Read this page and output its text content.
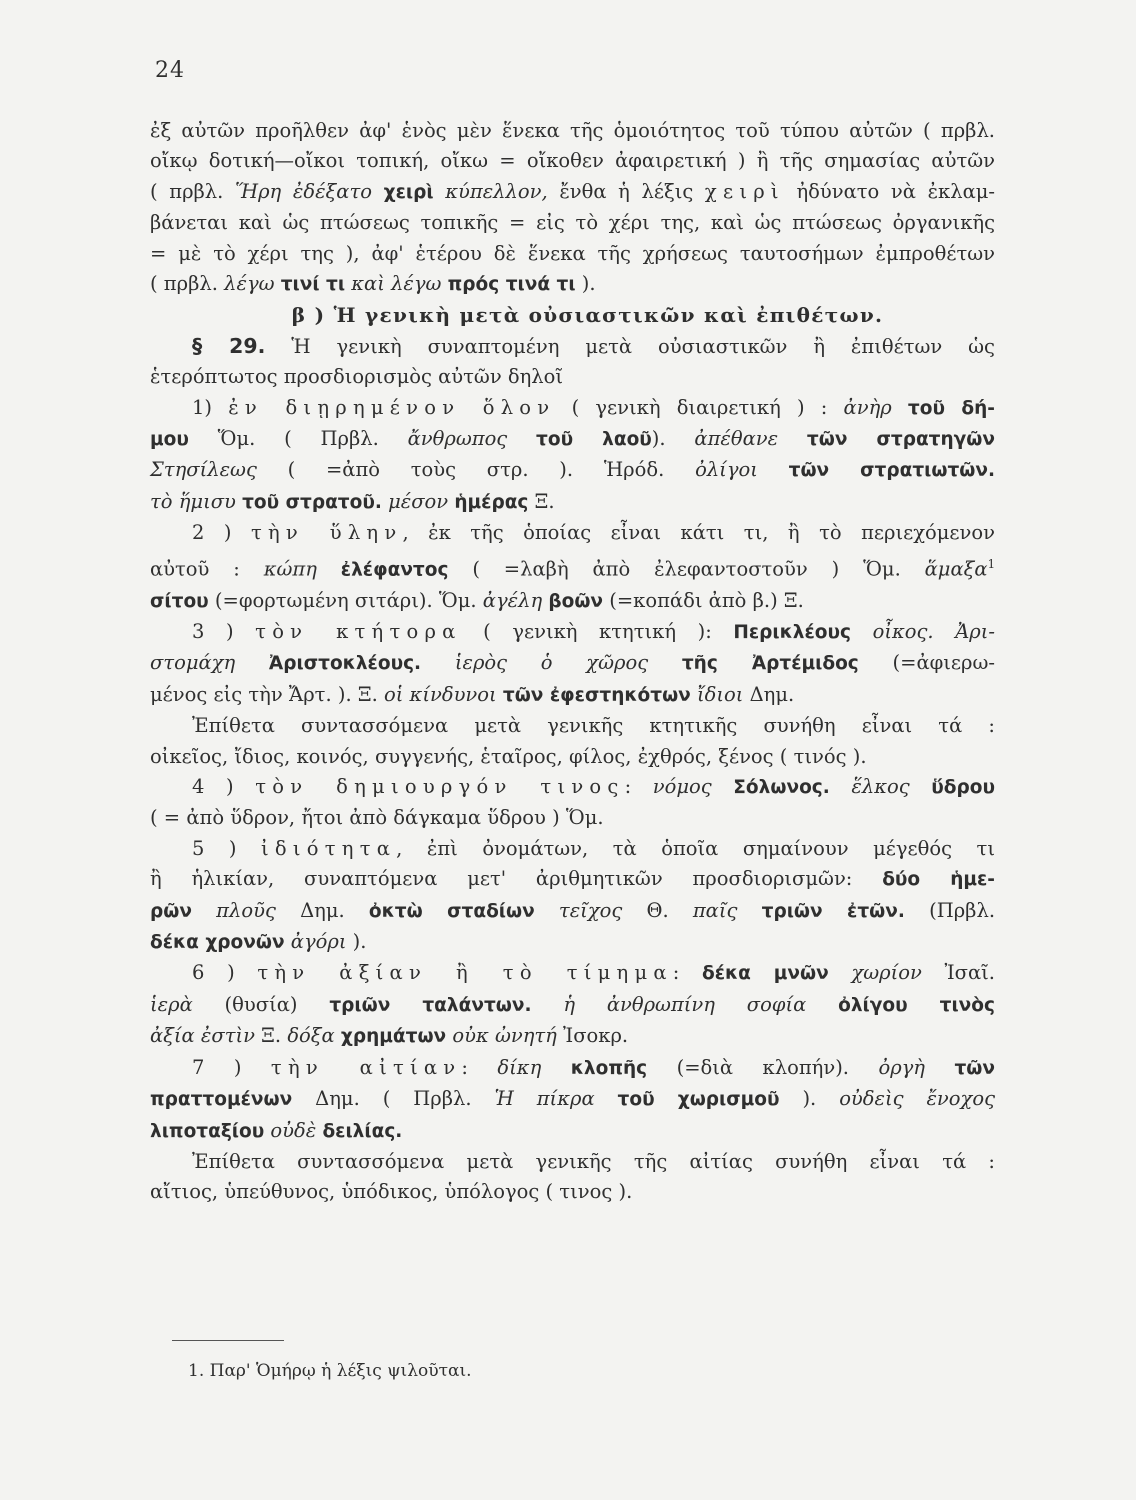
24

ἐξ αὐτῶν προῆλθεν ἀφ' ἑνὸς μὲν ἕνεκα τῆς ὁμοιότητος τοῦ τύπου αὐτῶν ( πρβλ.

οἴκῳ δοτική—οἴκοι τοπική, οἴκω = οἴκοθεν ἀφαιρετική ) ἢ τῆς σημασίας αὐτῶν

( πρβλ. Ἥρη ἐδέξατο χειρὶ κύπελλον, ἔνθα ἡ λέξις χειρὶ ἠδύνατο νὰ ἐκλαμ-

βάνεται καὶ ὡς πτώσεως τοπικῆς = εἰς τὸ χέρι της, καὶ ὡς πτώσεως ὀργανικῆς

= μὲ τὸ χέρι της ), ἀφ' ἑτέρου δὲ ἕνεκα τῆς χρήσεως ταυτοσήμων ἐμπροθέτων

( πρβλ. λέγω τινί τι καὶ λέγω πρός τινά τι ).

β ) Ἡ γενικὴ μετὰ οὐσιαστικῶν καὶ ἐπιθέτων.

§ 29. Ἡ γενικὴ συναπτομένη μετὰ οὐσιαστικῶν ἢ ἐπιθέτων ὡς

ἑτερόπτωτος προσδιορισμὸς αὐτῶν δηλοῖ

1) ἐν διῃρημένον ὅλον ( γενικὴ διαιρετική ) : ἀνὴρ τοῦ δή-

μου Ὅμ. ( Πρβλ. ἄνθρωπος τοῦ λαοῦ). ἀπέθανε τῶν στρατηγῶν

Στησίλεως ( =ἀπὸ τοὺς στρ. ). Ἡρόδ. ὀλίγοι τῶν στρατιωτῶν.

τὸ ἥμισυ τοῦ στρατοῦ. μέσον ἡμέρας Ξ.

2 ) τὴν ὕλην, ἐκ τῆς ὁποίας εἶναι κάτι τι, ἢ τὸ περιεχόμενον

αὐτοῦ : κώπη ἐλέφαντος ( =λαβὴ ἀπὸ ἐλεφαντοστοῦν ) Ὅμ. ἅμαξα$^1$

σίτου (=φορτωμένη σιτάρι). Ὅμ. ἀγέλη βοῶν (=κοπάδι ἀπὸ β.) Ξ.

3 ) τὸν κτήτορα ( γενικὴ κτητική ): Περικλέους οἶκος. Ἀρι-

στομάχη Ἀριστοκλέους. ἱερὸς ὁ χῶρος τῆς Ἀρτέμιδος (=ἀφιερω-

μένος εἰς τὴν Ἄρτ. ). Ξ. οἱ κίνδυνοι τῶν ἐφεστηκότων ἴδιοι Δημ.

Ἐπίθετα συντασσόμενα μετὰ γενικῆς κτητικῆς συνήθη εἶναι τά :

οἰκεῖος, ἴδιος, κοινός, συγγενής, ἑταῖρος, φίλος, ἐχθρός, ξένος ( τινός ).

4 ) τὸν δημιουργόν τινος: νόμος Σόλωνος. ἕλκος ὕδρου

( = ἀπὸ ὕδρον, ἤτοι ἀπὸ δάγκαμα ὕδρου ) Ὅμ.

5 ) ἰδιότητα, ἐπὶ ὀνομάτων, τὰ ὁποῖα σημαίνουν μέγεθός τι

ἢ ἡλικίαν, συναπτόμενα μετ' ἀριθμητικῶν προσδιορισμῶν: δύο ἡμε-

ρῶν πλοῦς Δημ. ὀκτὼ σταδίων τεῖχος Θ. παῖς τριῶν ἐτῶν. (Πρβλ.

δέκα χρονῶν ἀγόρι ).

6 ) τὴν ἀξίαν ἢ τὸ τίμημα: δέκα μνῶν χωρίον Ἰσαῖ.

ἱερὰ (θυσία) τριῶν ταλάντων. ἡ ἀνθρωπίνη σοφία ὀλίγου τινὸς

ἀξία ἐστὶν Ξ. δόξα χρημάτων οὐκ ὠνητή Ἰσοκρ.

7 ) τὴν αἰτίαν: δίκη κλοπῆς (=διὰ κλοπήν). ὀργὴ τῶν

πραττομένων Δημ. ( Πρβλ. Ἡ πίκρα τοῦ χωρισμοῦ ). οὐδεὶς ἔνοχος

λιποταξίου οὐδὲ δειλίας.

Ἐπίθετα συντασσόμενα μετὰ γενικῆς τῆς αἰτίας συνήθη εἶναι τά :

αἴτιος, ὑπεύθυνος, ὑπόδικος, ὑπόλογος ( τινος ).

1. Παρ' Ὁμήρῳ ἡ λέξις ψιλοῦται.
